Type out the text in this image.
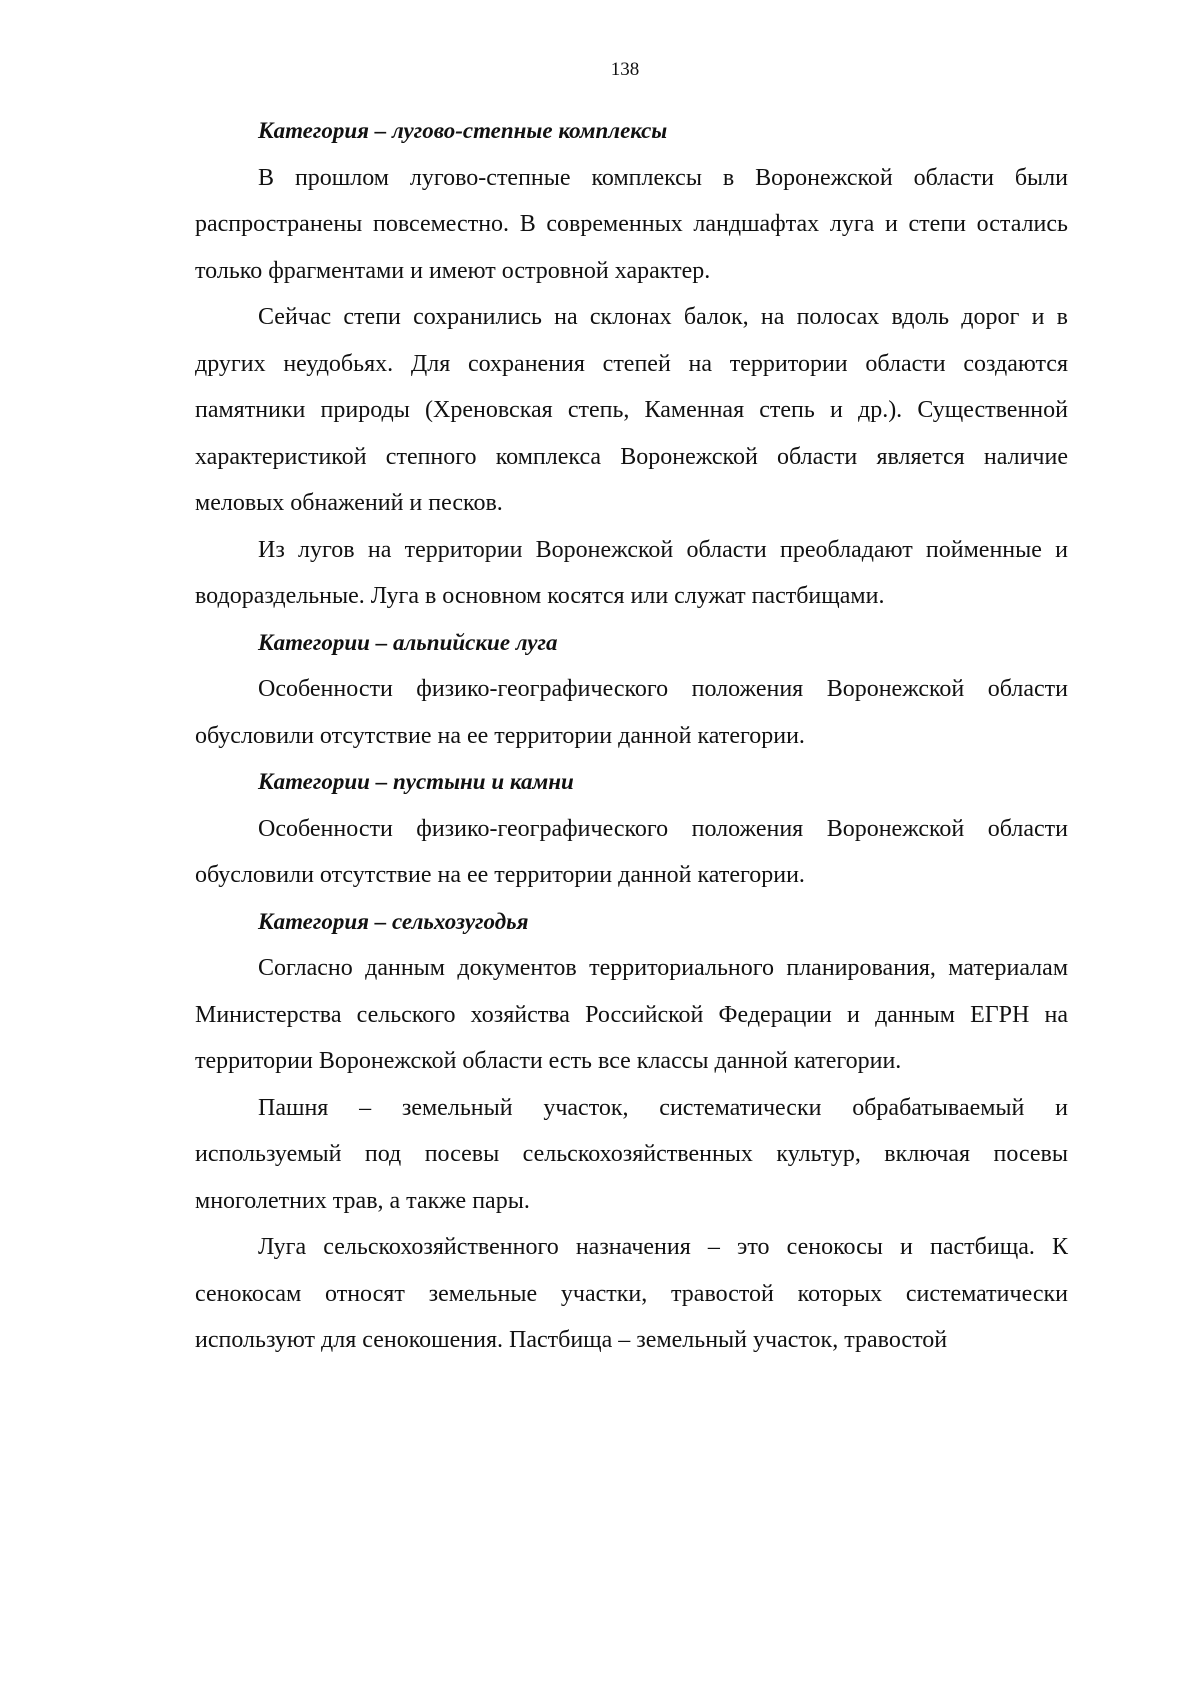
138

Категория – лугово-степные комплексы

В прошлом лугово-степные комплексы в Воронежской области были распространены повсеместно. В современных ландшафтах луга и степи остались только фрагментами и имеют островной характер.

Сейчас степи сохранились на склонах балок, на полосах вдоль дорог и в других неудобьях. Для сохранения степей на территории области создаются памятники природы (Хреновская степь, Каменная степь и др.). Существенной характеристикой степного комплекса Воронежской области является наличие меловых обнажений и песков.

Из лугов на территории Воронежской области преобладают пойменные и водораздельные. Луга в основном косятся или служат пастбищами.

Категории – альпийские луга

Особенности физико-географического положения Воронежской области обусловили отсутствие на ее территории данной категории.

Категории – пустыни и камни

Особенности физико-географического положения Воронежской области обусловили отсутствие на ее территории данной категории.

Категория – сельхозугодья

Согласно данным документов территориального планирования, материалам Министерства сельского хозяйства Российской Федерации и данным ЕГРН на территории Воронежской области есть все классы данной категории.

Пашня – земельный участок, систематически обрабатываемый и используемый под посевы сельскохозяйственных культур, включая посевы многолетних трав, а также пары.

Луга сельскохозяйственного назначения – это сенокосы и пастбища. К сенокосам относят земельные участки, травостой которых систематически используют для сенокошения. Пастбища – земельный участок, травостой
